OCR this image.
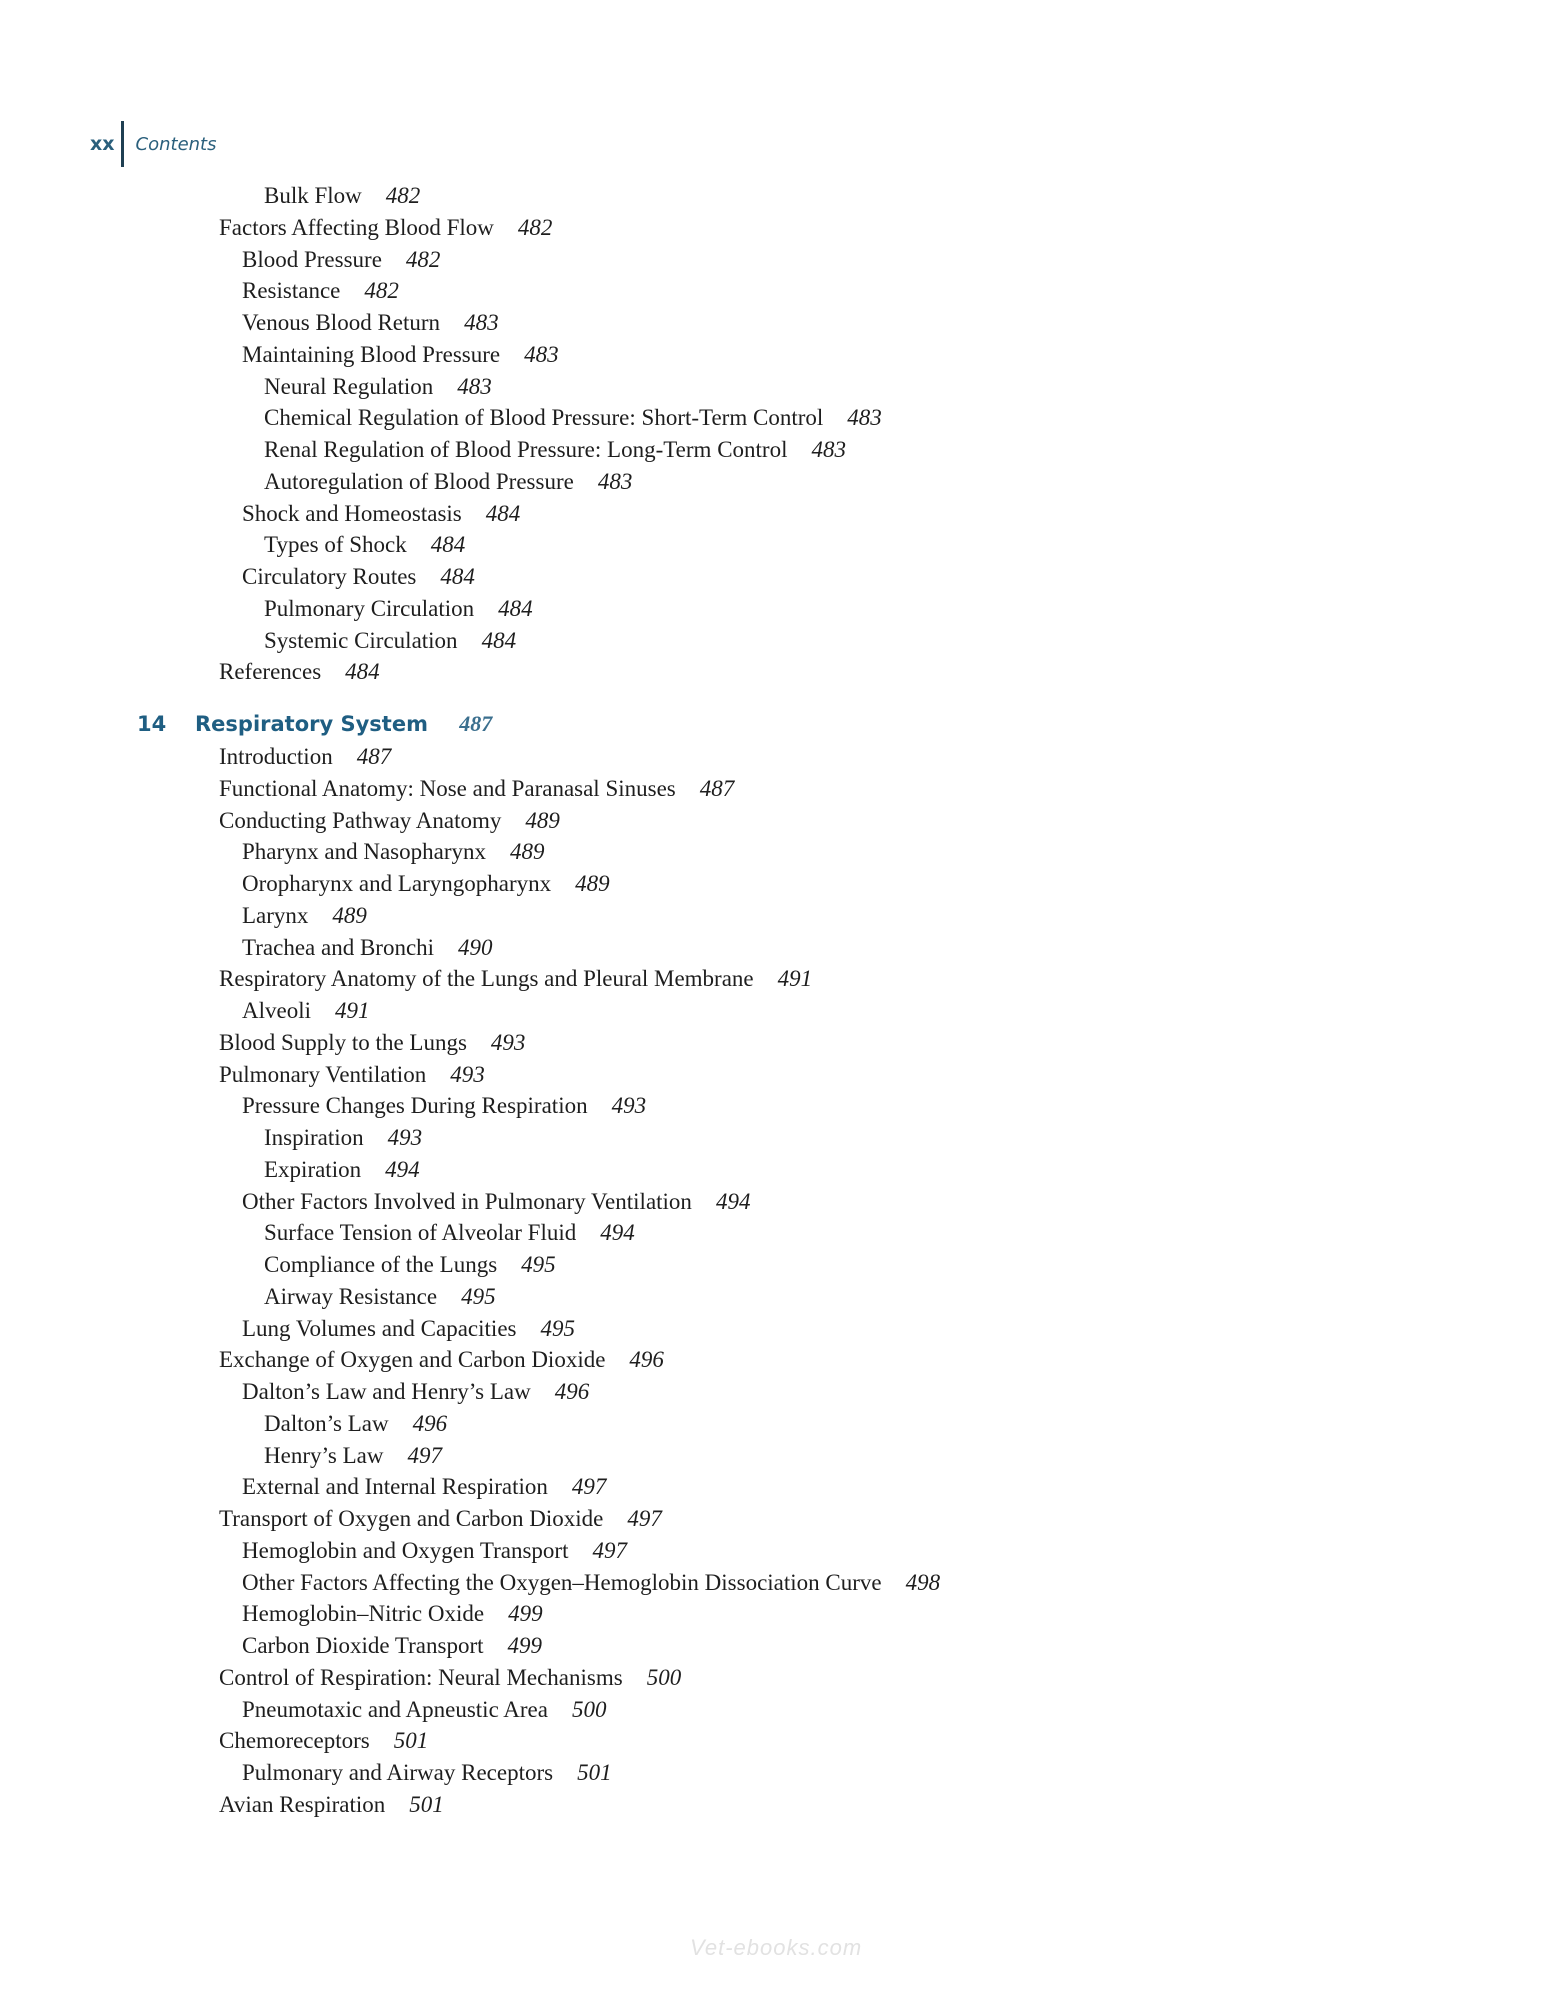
xx	Contents
Bulk Flow 482
Factors Affecting Blood Flow 482
Blood Pressure 482
Resistance 482
Venous Blood Return 483
Maintaining Blood Pressure 483
Neural Regulation 483
Chemical Regulation of Blood Pressure: Short-Term Control 483
Renal Regulation of Blood Pressure: Long-Term Control 483
Autoregulation of Blood Pressure 483
Shock and Homeostasis 484
Types of Shock 484
Circulatory Routes 484
Pulmonary Circulation 484
Systemic Circulation 484
References 484
14 Respiratory System 487
Introduction 487
Functional Anatomy: Nose and Paranasal Sinuses 487
Conducting Pathway Anatomy 489
Pharynx and Nasopharynx 489
Oropharynx and Laryngopharynx 489
Larynx 489
Trachea and Bronchi 490
Respiratory Anatomy of the Lungs and Pleural Membrane 491
Alveoli 491
Blood Supply to the Lungs 493
Pulmonary Ventilation 493
Pressure Changes During Respiration 493
Inspiration 493
Expiration 494
Other Factors Involved in Pulmonary Ventilation 494
Surface Tension of Alveolar Fluid 494
Compliance of the Lungs 495
Airway Resistance 495
Lung Volumes and Capacities 495
Exchange of Oxygen and Carbon Dioxide 496
Dalton’s Law and Henry’s Law 496
Dalton’s Law 496
Henry’s Law 497
External and Internal Respiration 497
Transport of Oxygen and Carbon Dioxide 497
Hemoglobin and Oxygen Transport 497
Other Factors Affecting the Oxygen–Hemoglobin Dissociation Curve 498
Hemoglobin–Nitric Oxide 499
Carbon Dioxide Transport 499
Control of Respiration: Neural Mechanisms 500
Pneumotaxic and Apneustic Area 500
Chemoreceptors 501
Pulmonary and Airway Receptors 501
Avian Respiration 501
Vet-ebooks.com
